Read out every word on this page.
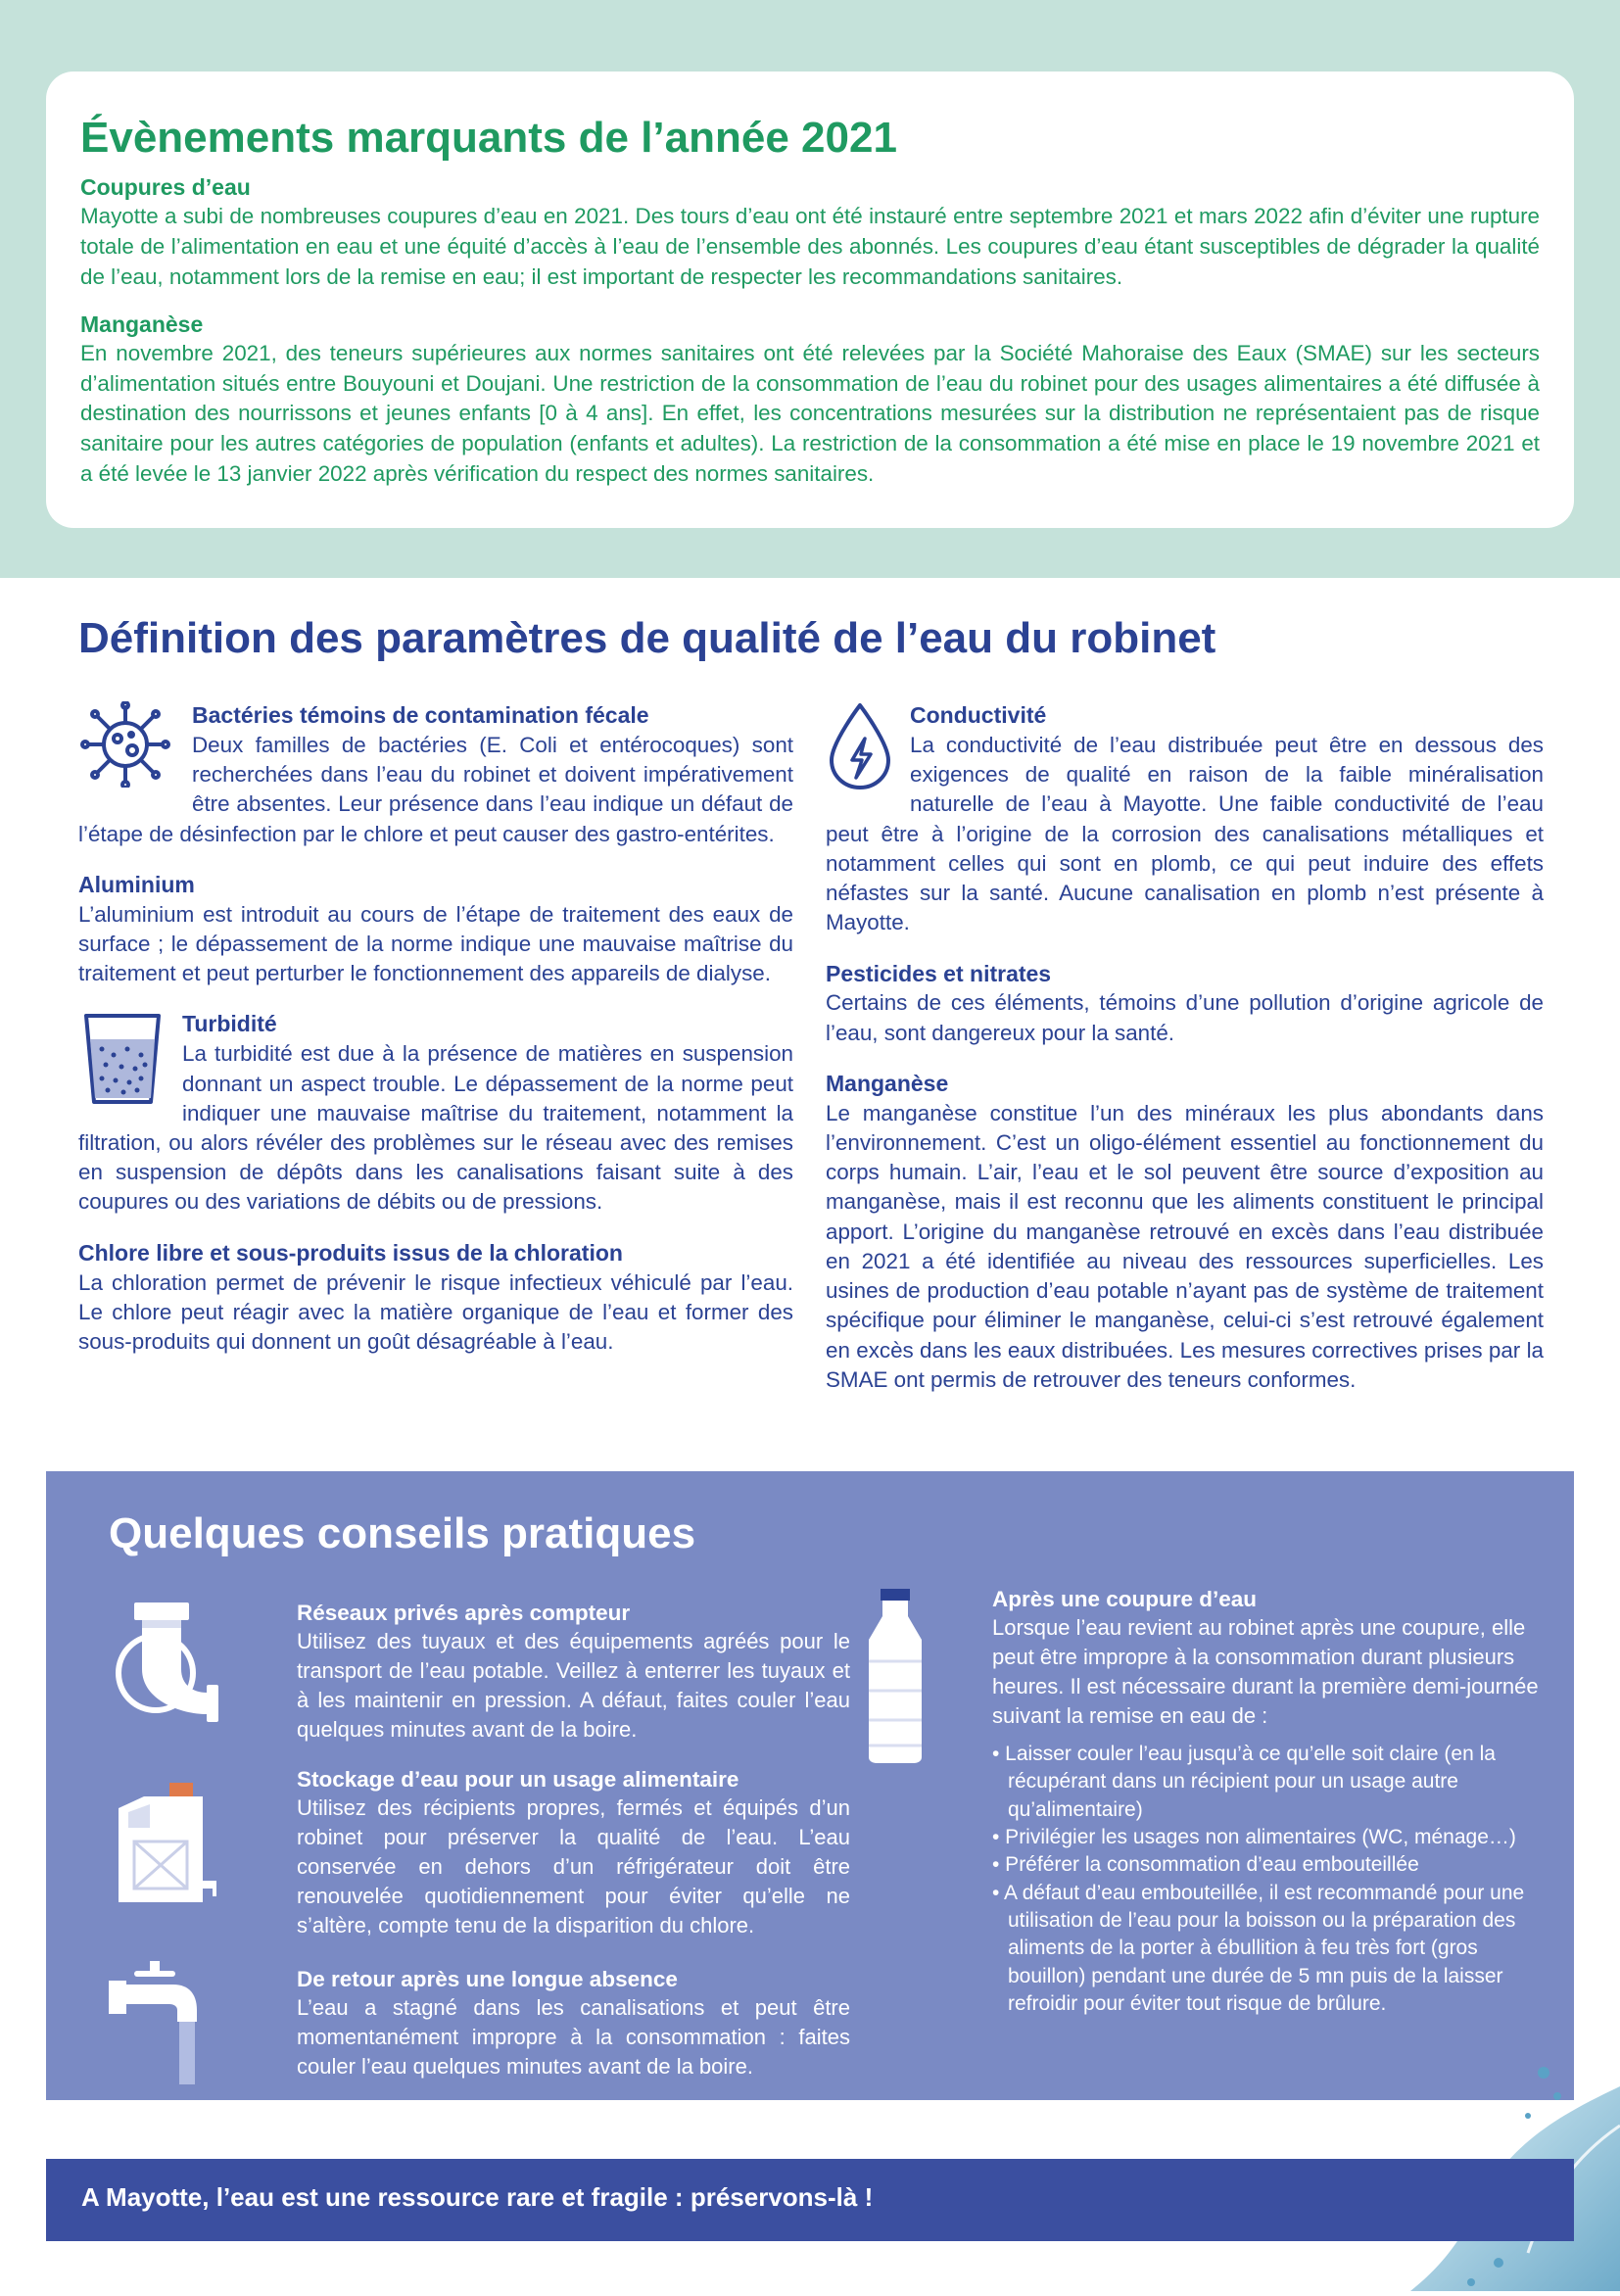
Évènements marquants de l’année 2021
Coupures d’eau

Mayotte a subi de nombreuses coupures d’eau en 2021. Des tours d’eau ont été instauré entre septembre 2021 et mars 2022 afin d’éviter une rupture totale de l’alimentation en eau et une équité d’accès à l’eau de l’ensemble des abonnés. Les coupures d’eau étant susceptibles de dégrader la qualité de l’eau, notamment lors de la remise en eau; il est important de respecter les recommandations sanitaires.

Manganèse

En novembre 2021, des teneurs supérieures aux normes sanitaires ont été relevées par la Société Mahoraise des Eaux (SMAE) sur les secteurs d’alimentation situés entre Bouyouni et Doujani. Une restriction de la consommation de l’eau du robinet pour des usages alimentaires a été diffusée à destination des nourrissons et jeunes enfants [0 à 4 ans]. En effet, les concentrations mesurées sur la distribution ne représentaient pas de risque sanitaire pour les autres catégories de population (enfants et adultes). La restriction de la consommation a été mise en place le 19 novembre 2021 et a été levée le 13 janvier 2022 après vérification du respect des normes sanitaires.

Définition des paramètres de qualité de l’eau du robinet
Bactéries témoins de contamination fécale

Deux familles de bactéries (E. Coli et entérocoques) sont recherchées dans l’eau du robinet et doivent impérativement être absentes. Leur présence dans l’eau indique un défaut de l’étape de désinfection par le chlore et peut causer des gastro-entérites.

Aluminium

L’aluminium est introduit au cours de l’étape de traitement des eaux de surface ; le dépassement de la norme indique une mauvaise maîtrise du traitement et peut perturber le fonctionnement des appareils de dialyse.

Turbidité

La turbidité est due à la présence de matières en suspension donnant un aspect trouble. Le dépassement de la norme peut indiquer une mauvaise maîtrise du traitement, notamment la filtration, ou alors révéler des problèmes sur le réseau avec des remises en suspension de dépôts dans les canalisations faisant suite à des coupures ou des variations de débits ou de pressions.

Chlore libre et sous-produits issus de la chloration

La chloration permet de prévenir le risque infectieux véhiculé par l’eau. Le chlore peut réagir avec la matière organique de l’eau et former des sous-produits qui donnent un goût désagréable à l’eau.

Conductivité

La conductivité de l’eau distribuée peut être en dessous des exigences de qualité en raison de la faible minéralisation naturelle de l’eau à Mayotte. Une faible conductivité de l’eau peut être à l’origine de la corrosion des canalisations métalliques et notamment celles qui sont en plomb, ce qui peut induire des effets néfastes sur la santé. Aucune canalisation en plomb n’est présente à Mayotte.

Pesticides et nitrates

Certains de ces éléments, témoins d’une pollution d’origine agricole de l’eau, sont dangereux pour la santé.

Manganèse

Le manganèse constitue l’un des minéraux les plus abondants dans l’environnement. C’est un oligo-élément essentiel au fonctionnement du corps humain. L’air, l’eau et le sol peuvent être source d’exposition au manganèse, mais il est reconnu que les aliments constituent le principal apport. L’origine du manganèse retrouvé en excès dans l’eau distribuée en 2021 a été identifiée au niveau des ressources superficielles. Les usines de production d’eau potable n’ayant pas de système de traitement spécifique pour éliminer le manganèse, celui-ci s’est retrouvé également en excès dans les eaux distribuées. Les mesures correctives prises par la SMAE ont permis de retrouver des teneurs conformes.

Quelques conseils pratiques
Réseaux privés après compteur

Utilisez des tuyaux et des équipements agréés pour le transport de l’eau potable. Veillez à enterrer les tuyaux et à les maintenir en pression. A défaut, faites couler l’eau quelques minutes avant de la boire.

Stockage d’eau pour un usage alimentaire

Utilisez des récipients propres, fermés et équipés d’un robinet pour préserver la qualité de l’eau. L’eau conservée en dehors d’un réfrigérateur doit être renouvelée quotidiennement pour éviter qu’elle ne s’altère, compte tenu de la disparition du chlore.

De retour après une longue absence

L’eau a stagné dans les canalisations et peut être momentanément impropre à la consommation : faites couler l’eau quelques minutes avant de la boire.

Après une coupure d’eau

Lorsque l’eau revient au robinet après une coupure, elle peut être impropre à la consommation durant plusieurs heures. Il est nécessaire durant la première demi-journée suivant la remise en eau de :

• Laisser couler l’eau jusqu’à ce qu’elle soit claire (en la récupérant dans un récipient pour un usage autre qu’alimentaire)
• Privilégier les usages non alimentaires (WC, ménage…)
• Préférer la consommation d’eau embouteillée
• A défaut d’eau embouteillée, il est recommandé pour une utilisation de l’eau pour la boisson ou la préparation des aliments de la porter à ébullition à feu très fort (gros bouillon) pendant une durée de 5 mn puis de la laisser refroidir pour éviter tout risque de brûlure.

A Mayotte, l’eau est une ressource rare et fragile : préservons-là !
